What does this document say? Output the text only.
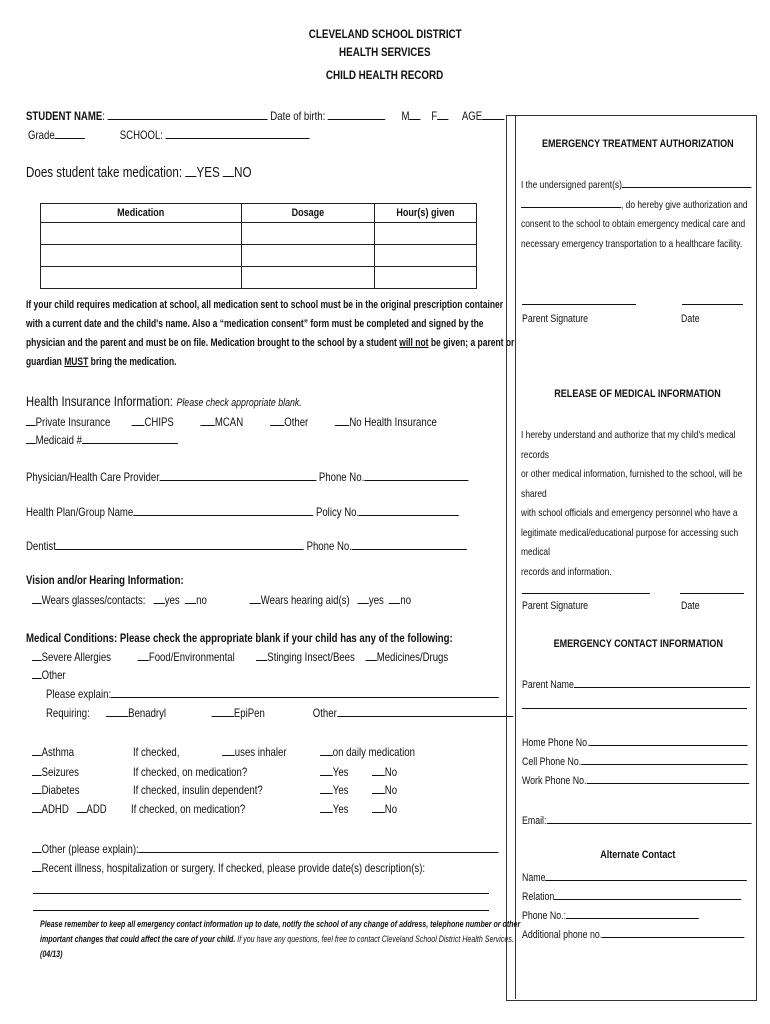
CLEVELAND SCHOOL DISTRICT
HEALTH SERVICES
CHILD HEALTH RECORD
STUDENT NAME:	Date of birth:	M F AGE
Grade	SCHOOL:
Does student take medication: YES NO
Medication	Dosage	Hour(s) given

If your child requires medication at school, all medication sent to school must be in the original prescription container
with a current date and the child's name. Also a “medication consent” form must be completed and signed by the
physician and the parent and must be on file. Medication brought to the school by a student will not be given; a parent or
guardian MUST bring the medication.
Health Insurance Information: Please check appropriate blank.
Private Insurance	CHIPS	MCAN	Other	No Health Insurance
Medicaid #
Physician/Health Care Provider	Phone No.
Health Plan/Group Name	Policy No.
Dentist	Phone No.
Vision and/or Hearing Information:
Wears glasses/contacts: yes no	Wears hearing aid(s) yes no
Medical Conditions: Please check the appropriate blank if your child has any of the following:
Severe Allergies	Food/Environmental	Stinging Insect/Bees Medicines/Drugs
Other
Please explain:
Requiring:	Benadryl	EpiPen	Other
Asthma	If checked,	uses inhaler	on daily medication
Seizures	If checked, on medication?	Yes	No
Diabetes	If checked, insulin dependent?	Yes	No
ADHD ADD If checked, on medication?	Yes	No
Other (please explain):
Recent illness, hospitalization or surgery. If checked, please provide date(s) description(s):
Please remember to keep all emergency contact information up to date, notify the school of any change of address, telephone number or other
important changes that could affect the care of your child. If you have any questions, feel free to contact Cleveland School District Health Services.
(04/13)
EMERGENCY TREATMENT AUTHORIZATION
I the undersigned parent(s)
, do hereby give authorization and
consent to the school to obtain emergency medical care and
necessary emergency transportation to a healthcare facility.
Parent Signature	Date
RELEASE OF MEDICAL INFORMATION
I hereby understand and authorize that my child's medical records
or other medical information, furnished to the school, will be shared
with school officials and emergency personnel who have a
legitimate medical/educational purpose for accessing such medical
records and information.
Parent Signature	Date
EMERGENCY CONTACT INFORMATION
Parent Name
Home Phone No.
Cell Phone No.
Work Phone No.
Email:
Alternate Contact
Name
Relation
Phone No.:
Additional phone no.
